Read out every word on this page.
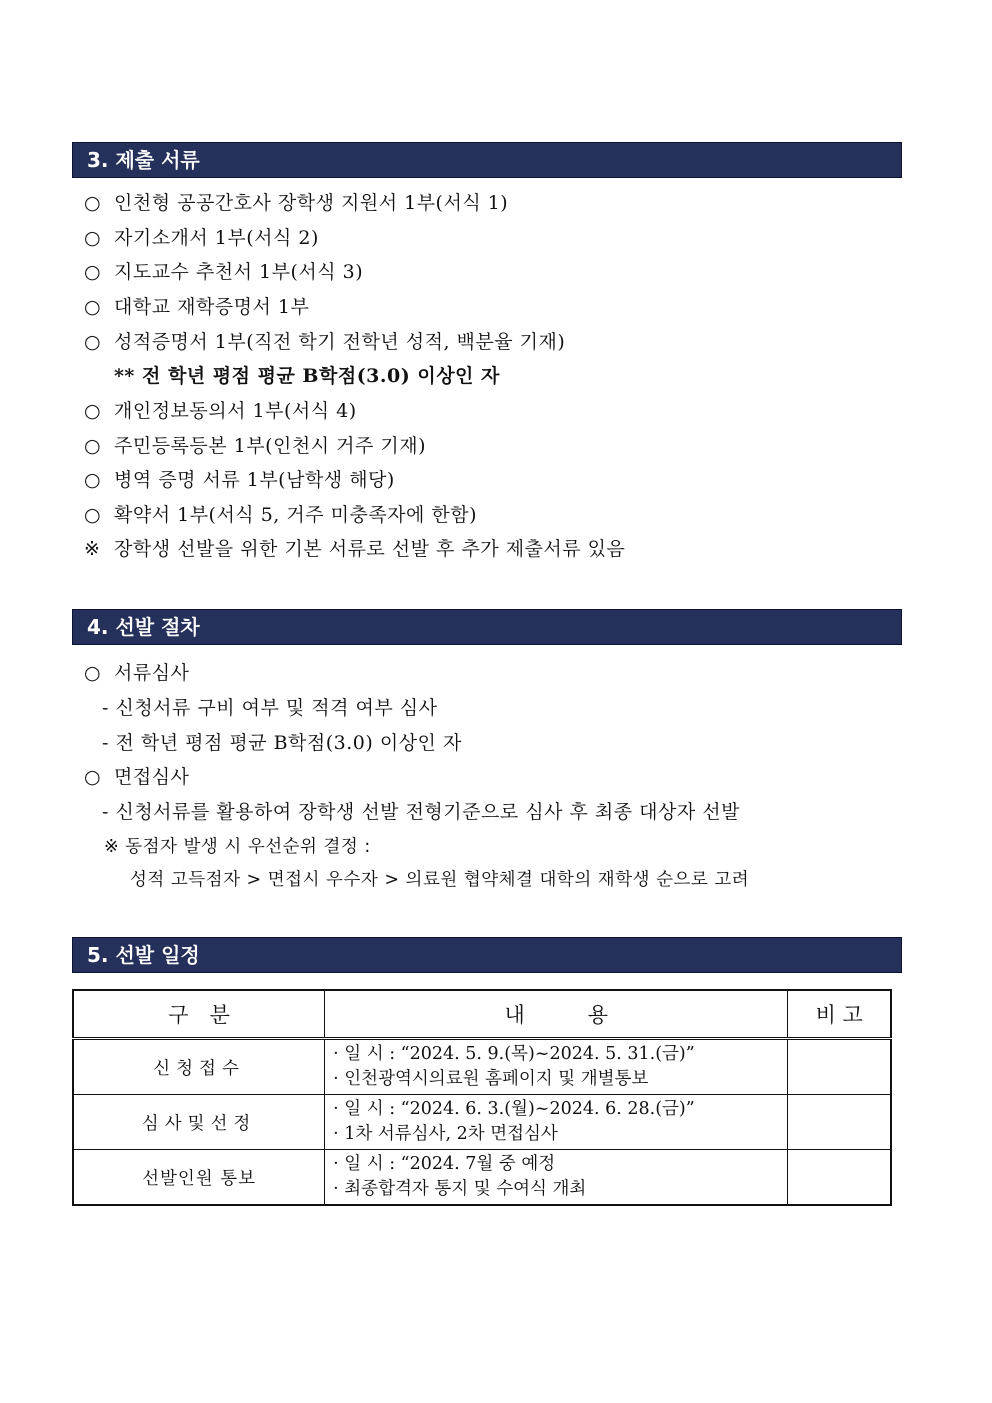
3. 제출 서류
○ 인천형 공공간호사 장학생 지원서 1부(서식 1)
○ 자기소개서 1부(서식 2)
○ 지도교수 추천서 1부(서식 3)
○ 대학교 재학증명서 1부
○ 성적증명서 1부(직전 학기 전학년 성적, 백분율 기재)
** 전 학년 평점 평균 B학점(3.0) 이상인 자
○ 개인정보동의서 1부(서식 4)
○ 주민등록등본 1부(인천시 거주 기재)
○ 병역 증명 서류 1부(남학생 해당)
○ 확약서 1부(서식 5, 거주 미충족자에 한함)
※ 장학생 선발을 위한 기본 서류로 선발 후 추가 제출서류 있음
4. 선발 절차
○ 서류심사
- 신청서류 구비 여부 및 적격 여부 심사
- 전 학년 평점 평균 B학점(3.0) 이상인 자
○ 면접심사
- 신청서류를 활용하여 장학생 선발 전형기준으로 심사 후 최종 대상자 선발
※ 동점자 발생 시 우선순위 결정 :
성적 고득점자 > 면접시 우수자 > 의료원 협약체결 대학의 재학생 순으로 고려
5. 선발 일정
구　분	내　　　용	비 고
신청접수	· 일 시 : “2024. 5. 9.(목)~2024. 5. 31.(금)”
· 인천광역시의료원 홈페이지 및 개별통보	

심사및선정	· 일 시 : “2024. 6. 3.(월)~2024. 6. 28.(금)”
· 1차 서류심사, 2차 면접심사	

선발인원 통보	· 일 시 : “2024. 7월 중 예정
· 최종합격자 통지 및 수여식 개최	
